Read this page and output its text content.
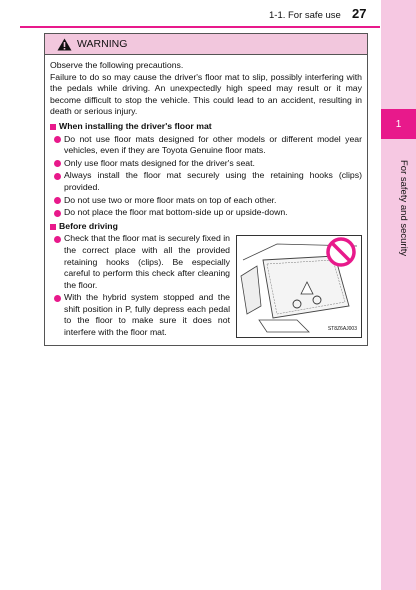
1
For safety and security
1-1. For safe use 27
WARNING

Observe the following precautions.
Failure to do so may cause the driver's floor mat to slip, possibly interfering with the pedals while driving. An unexpectedly high speed may result or it may become difficult to stop the vehicle. This could lead to an accident, resulting in death or serious injury.

When installing the driver's floor mat
Do not use floor mats designed for other models or different model year vehicles, even if they are Toyota Genuine floor mats.
Only use floor mats designed for the driver's seat.
Always install the floor mat securely using the retaining hooks (clips) provided.
Do not use two or more floor mats on top of each other.
Do not place the floor mat bottom-side up or upside-down.
Before driving
Check that the floor mat is securely fixed in the correct place with all the provided retaining hooks (clips). Be especially careful to perform this check after cleaning the floor.
With the hybrid system stopped and the shift position in P, fully depress each pedal to the floor to make sure it does not interfere with the floor mat.	ST8Z6AJ003
